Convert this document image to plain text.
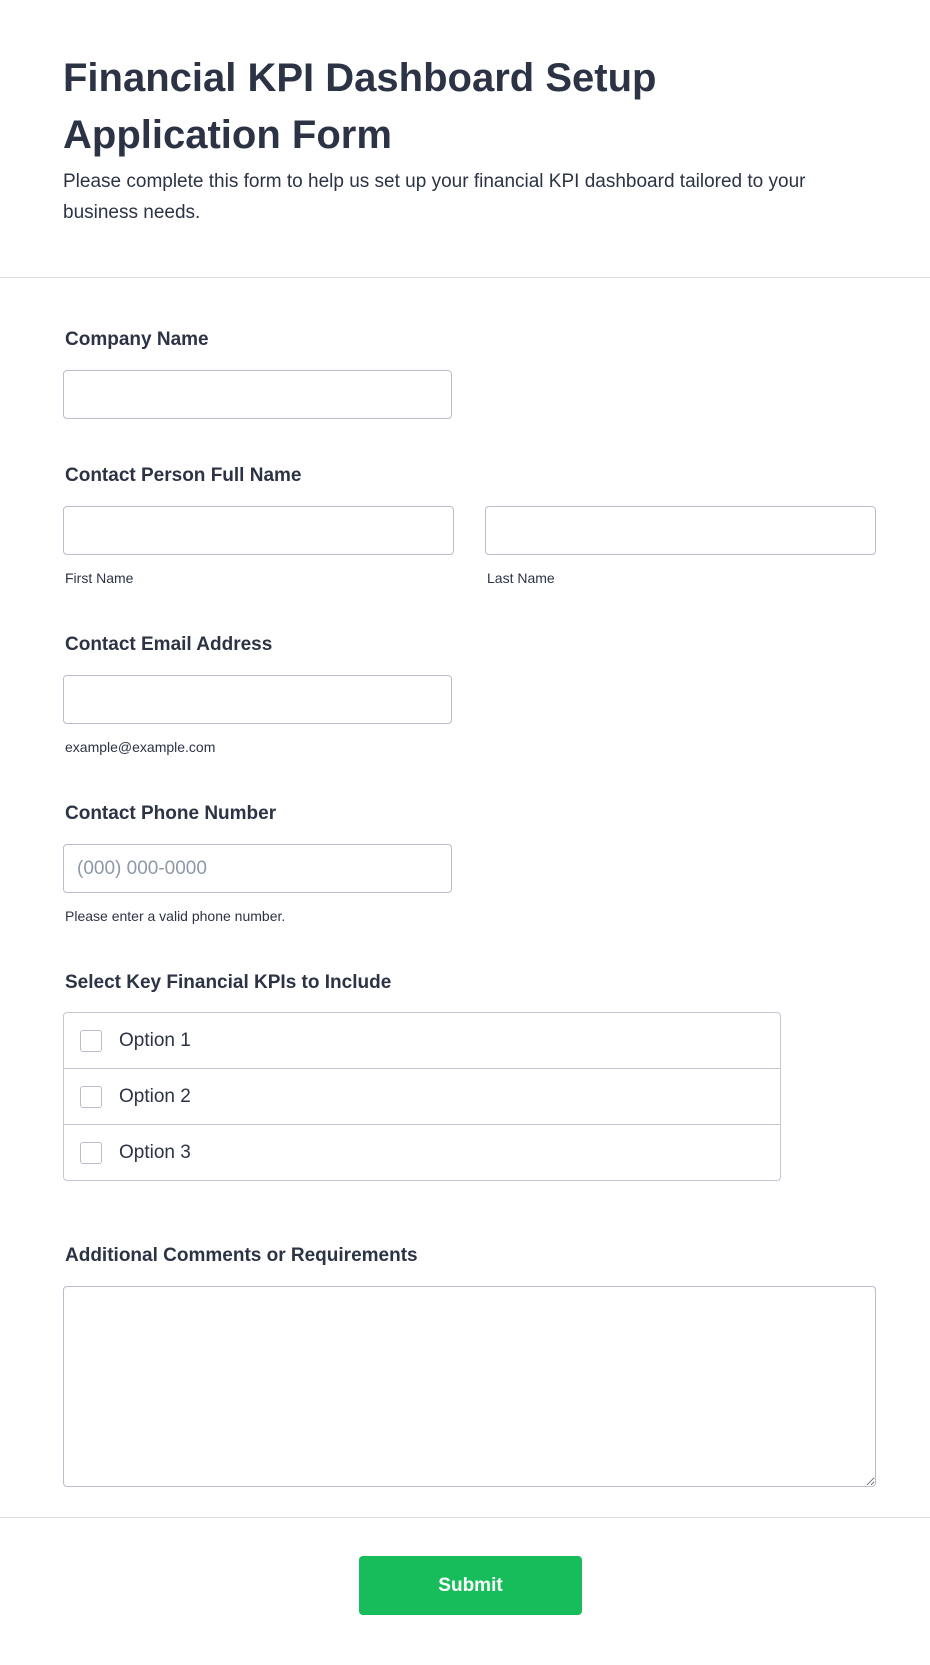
Financial KPI Dashboard Setup Application Form

Please complete this form to help us set up your financial KPI dashboard tailored to your business needs.

Company Name
Contact Person Full Name
First Name	Last Name
Contact Email Address
example@example.com
Contact Phone Number
(000) 000-0000
Please enter a valid phone number.
Select Key Financial KPIs to Include
Option 1
Option 2
Option 3
Additional Comments or Requirements
Submit
